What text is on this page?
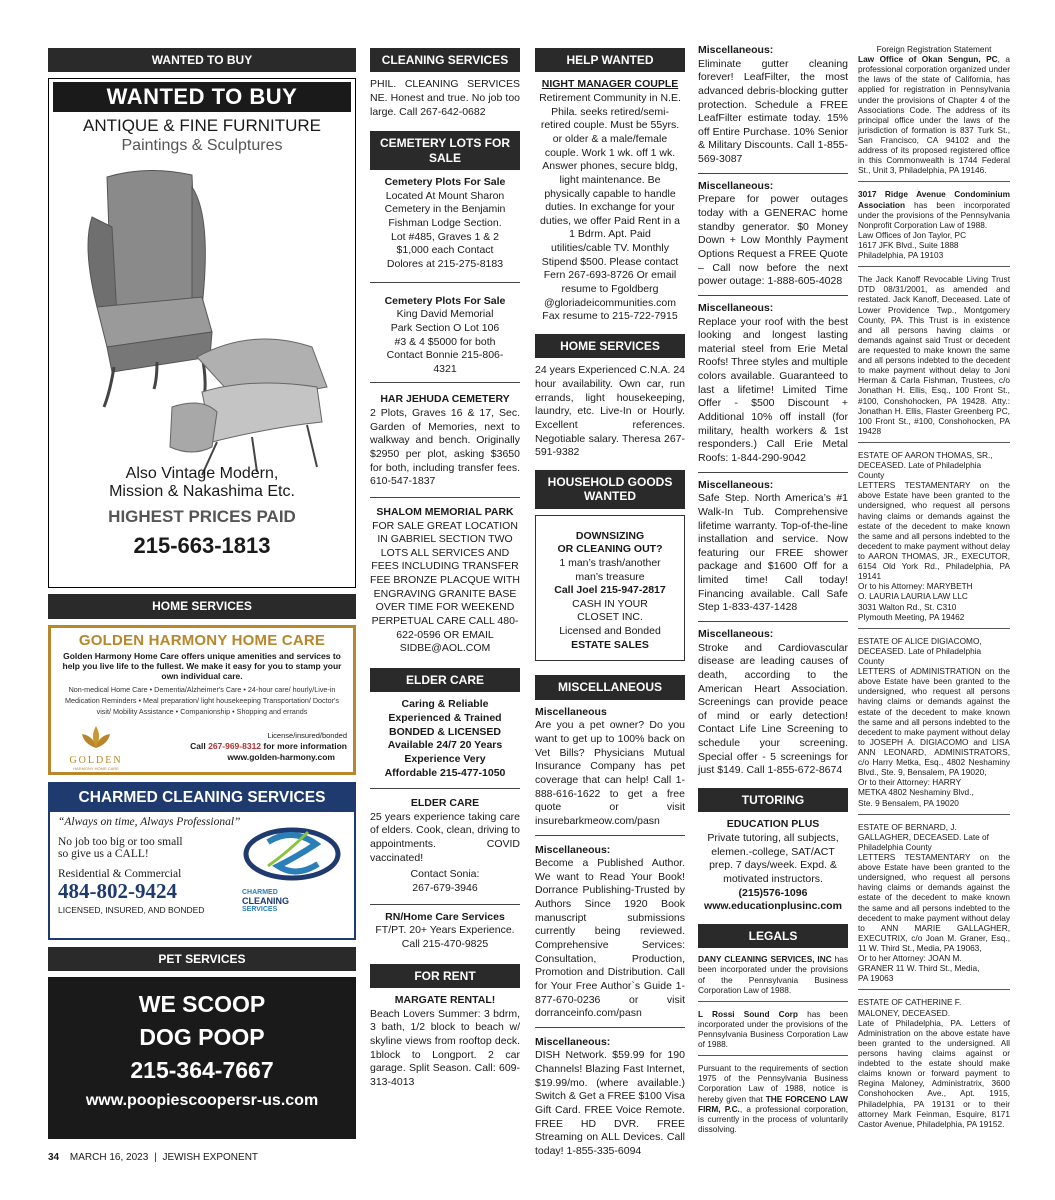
WANTED TO BUY
WANTED TO BUY
ANTIQUE & FINE FURNITURE
Paintings & Sculptures
Also Vintage Modern,
Mission & Nakashima Etc.
HIGHEST PRICES PAID
215-663-1813
HOME SERVICES
GOLDEN HARMONY HOME CARE
Golden Harmony Home Care offers unique amenities and services to help you live life to the fullest. We make it easy for you to stamp your own individual care.
Non-medical Home Care • Dementia/Alzheimer's Care • 24-hour care/ hourly/Live-in Medication Reminders • Meal preparation/ light housekeeping Transportation/ Doctor's visit/ Mobility Assistance • Companionship • Shopping and errands
GOLDEN
HARMONY HOME CARE
License/insured/bonded
Call 267-969-8312 for more information
www.golden-harmony.com
CHARMED CLEANING SERVICES
“Always on time, Always Professional”
No job too big or too small
so give us a CALL!
Residential & Commercial
484-802-9424
LICENSED, INSURED, AND BONDED
CHARMED
CLEANING
SERVICES
PET SERVICES
WE SCOOP
DOG POOP
215-364-7667
www.poopiescoopersr-us.com
CLEANING SERVICES
PHIL. CLEANING SERVICES NE. Honest and true. No job too large. Call 267-642-0682
CEMETERY LOTS FOR SALE
Cemetery Plots For Sale
Located At Mount Sharon Cemetery in the Benjamin Fishman Lodge Section. Lot #485, Graves 1 & 2 $1,000 each Contact Dolores at 215-275-8183
Cemetery Plots For Sale
King David Memorial Park Section O Lot 106 #3 & 4 $5000 for both Contact Bonnie 215-806-4321
HAR JEHUDA CEMETERY
2 Plots, Graves 16 & 17, Sec. Garden of Memories, next to walkway and bench. Originally $2950 per plot, asking $3650 for both, including transfer fees. 610-547-1837
SHALOM MEMORIAL PARK
FOR SALE GREAT LOCATION IN GABRIEL SECTION TWO LOTS ALL SERVICES AND FEES INCLUDING TRANSFER FEE BRONZE PLACQUE WITH ENGRAVING GRANITE BASE OVER TIME FOR WEEKEND PERPETUAL CARE CALL 480-622-0596 OR EMAIL SIDBE@AOL.COM
ELDER CARE
Caring & Reliable Experienced & Trained BONDED & LICENSED Available 24/7 20 Years Experience Very Affordable 215-477-1050
ELDER CARE
25 years experience taking care of elders. Cook, clean, driving to appointments. COVID vaccinated!
Contact Sonia: 267-679-3946
RN/Home Care Services
FT/PT. 20+ Years Experience. Call 215-470-9825
FOR RENT
MARGATE RENTAL!
Beach Lovers Summer: 3 bdrm, 3 bath, 1/2 block to beach w/ skyline views from rooftop deck. 1block to Longport. 2 car garage. Split Season. Call: 609-313-4013
HELP WANTED
NIGHT MANAGER COUPLE
Retirement Community in N.E. Phila. seeks retired/semi-retired couple. Must be 55yrs. or older & a male/female couple. Work 1 wk. off 1 wk. Answer phones, secure bldg, light maintenance. Be physically capable to handle duties. In exchange for your duties, we offer Paid Rent in a 1 Bdrm. Apt. Paid utilities/cable TV. Monthly Stipend $500. Please contact Fern 267-693-8726 Or email resume to Fgoldberg @gloriadeicommunities.com Fax resume to 215-722-7915
HOME SERVICES
24 years Experienced C.N.A. 24 hour availability. Own car, run errands, light housekeeping, laundry, etc. Live-In or Hourly. Excellent references. Negotiable salary. Theresa 267-591-9382
HOUSEHOLD GOODS WANTED
DOWNSIZING
OR CLEANING OUT?
1 man’s trash/another man’s treasure
Call Joel 215-947-2817
CASH IN YOUR CLOSET INC.
Licensed and Bonded
ESTATE SALES
MISCELLANEOUS
Miscellaneous
Are you a pet owner? Do you want to get up to 100% back on Vet Bills? Physicians Mutual Insurance Company has pet coverage that can help! Call 1-888-616-1622 to get a free quote or visit insurebarkmeow.com/pasn
Miscellaneous:
Become a Published Author. We want to Read Your Book! Dorrance Publishing-Trusted by Authors Since 1920 Book manuscript submissions currently being reviewed. Comprehensive Services: Consultation, Production, Promotion and Distribution. Call for Your Free Author`s Guide 1-877-670-0236 or visit dorranceinfo.com/pasn
Miscellaneous:
DISH Network. $59.99 for 190 Channels! Blazing Fast Internet, $19.99/mo. (where available.) Switch & Get a FREE $100 Visa Gift Card. FREE Voice Remote. FREE HD DVR. FREE Streaming on ALL Devices. Call today! 1-855-335-6094
Miscellaneous:
Eliminate gutter cleaning forever! LeafFilter, the most advanced debris-blocking gutter protection. Schedule a FREE LeafFilter estimate today. 15% off Entire Purchase. 10% Senior & Military Discounts. Call 1-855-569-3087
Miscellaneous:
Prepare for power outages today with a GENERAC home standby generator. $0 Money Down + Low Monthly Payment Options Request a FREE Quote – Call now before the next power outage: 1-888-605-4028
Miscellaneous:
Replace your roof with the best looking and longest lasting material steel from Erie Metal Roofs! Three styles and multiple colors available. Guaranteed to last a lifetime! Limited Time Offer - $500 Discount + Additional 10% off install (for military, health workers & 1st responders.) Call Erie Metal Roofs: 1-844-290-9042
Miscellaneous:
Safe Step. North America’s #1 Walk-In Tub. Comprehensive lifetime warranty. Top-of-the-line installation and service. Now featuring our FREE shower package and $1600 Off for a limited time! Call today! Financing available. Call Safe Step 1-833-437-1428
Miscellaneous:
Stroke and Cardiovascular disease are leading causes of death, according to the American Heart Association. Screenings can provide peace of mind or early detection! Contact Life Line Screening to schedule your screening. Special offer - 5 screenings for just $149. Call 1-855-672-8674
TUTORING
EDUCATION PLUS
Private tutoring, all subjects, elemen.-college, SAT/ACT prep. 7 days/week. Expd. & motivated instructors.
(215)576-1096
www.educationplusinc.com
LEGALS
DANY CLEANING SERVICES, INC has been incorporated under the provisions of the Pennsylvania Business Corporation Law of 1988.
L Rossi Sound Corp has been incorporated under the provisions of the Pennsylvania Business Corporation Law of 1988.
Pursuant to the requirements of section 1975 of the Pennsylvania Business Corporation Law of 1988, notice is hereby given that THE FORCENO LAW FIRM, P.C., a professional corporation, is currently in the process of voluntarily dissolving.
Foreign Registration Statement
Law Office of Okan Sengun, PC, a professional corporation organized under the laws of the state of California, has applied for registration in Pennsylvania under the provisions of Chapter 4 of the Associations Code. The address of its principal office under the laws of the jurisdiction of formation is 837 Turk St., San Francisco, CA 94102 and the address of its proposed registered office in this Commonwealth is 1744 Federal St., Unit 3, Philadelphia, PA 19146.
3017 Ridge Avenue Condominium Association has been incorporated under the provisions of the Pennsylvania Nonprofit Corporation Law of 1988.
Law Offices of Jon Taylor, PC 1617 JFK Blvd., Suite 1888 Philadelphia, PA 19103
The Jack Kanoff Revocable Living Trust DTD 08/31/2001, as amended and restated. Jack Kanoff, Deceased. Late of Lower Providence Twp., Montgomery County, PA. This Trust is in existence and all persons having claims or demands against said Trust or decedent are requested to make known the same and all persons indebted to the decedent to make payment without delay to Joni Herman & Carla Fishman, Trustees, c/o Jonathan H. Ellis, Esq., 100 Front St., #100, Conshohocken, PA 19428. Atty.: Jonathan H. Ellis, Flaster Greenberg PC, 100 Front St., #100, Conshohocken, PA 19428
ESTATE OF AARON THOMAS, SR., DECEASED. Late of Philadelphia County
LETTERS TESTAMENTARY on the above Estate have been granted to the undersigned, who request all persons having claims or demands against the estate of the decedent to make known the same and all persons indebted to the decedent to make payment without delay to AARON THOMAS, JR., EXECUTOR, 6154 Old York Rd., Philadelphia, PA 19141
Or to his Attorney: MARYBETH O. LAURIA LAURIA LAW LLC 3031 Walton Rd., St. C310 Plymouth Meeting, PA 19462
ESTATE OF ALICE DIGIACOMO, DECEASED. Late of Philadelphia County
LETTERS of ADMINISTRATION on the above Estate have been granted to the undersigned, who request all persons having claims or demands against the estate of the decedent to make known the same and all persons indebted to the decedent to make payment without delay to JOSEPH A. DIGIACOMO and LISA ANN LEONARD, ADMINISTRATORS, c/o Harry Metka, Esq., 4802 Neshaminy Blvd., Ste. 9, Bensalem, PA 19020,
Or to their Attorney: HARRY METKA 4802 Neshaminy Blvd., Ste. 9 Bensalem, PA 19020
ESTATE OF BERNARD, J. GALLAGHER, DECEASED. Late of Philadelphia County
LETTERS TESTAMENTARY on the above Estate have been granted to the undersigned, who request all persons having claims or demands against the estate of the decedent to make known the same and all persons indebted to the decedent to make payment without delay to ANN MARIE GALLAGHER, EXECUTRIX, c/o Joan M. Graner, Esq., 11 W. Third St., Media, PA 19063,
Or to her Attorney: JOAN M. GRANER 11 W. Third St., Media, PA 19063
ESTATE OF CATHERINE F. MALONEY, DECEASED.
Late of Philadelphia, PA. Letters of Administration on the above estate have been granted to the undersigned. All persons having claims against or indebted to the estate should make claims known or forward payment to Regina Maloney, Administratrix, 3600 Conshohocken Ave., Apt. 1915, Philadelphia, PA 19131 or to their attorney Mark Feinman, Esquire, 8171 Castor Avenue, Philadelphia, PA 19152.
34 MARCH 16, 2023 | JEWISH EXPONENT
